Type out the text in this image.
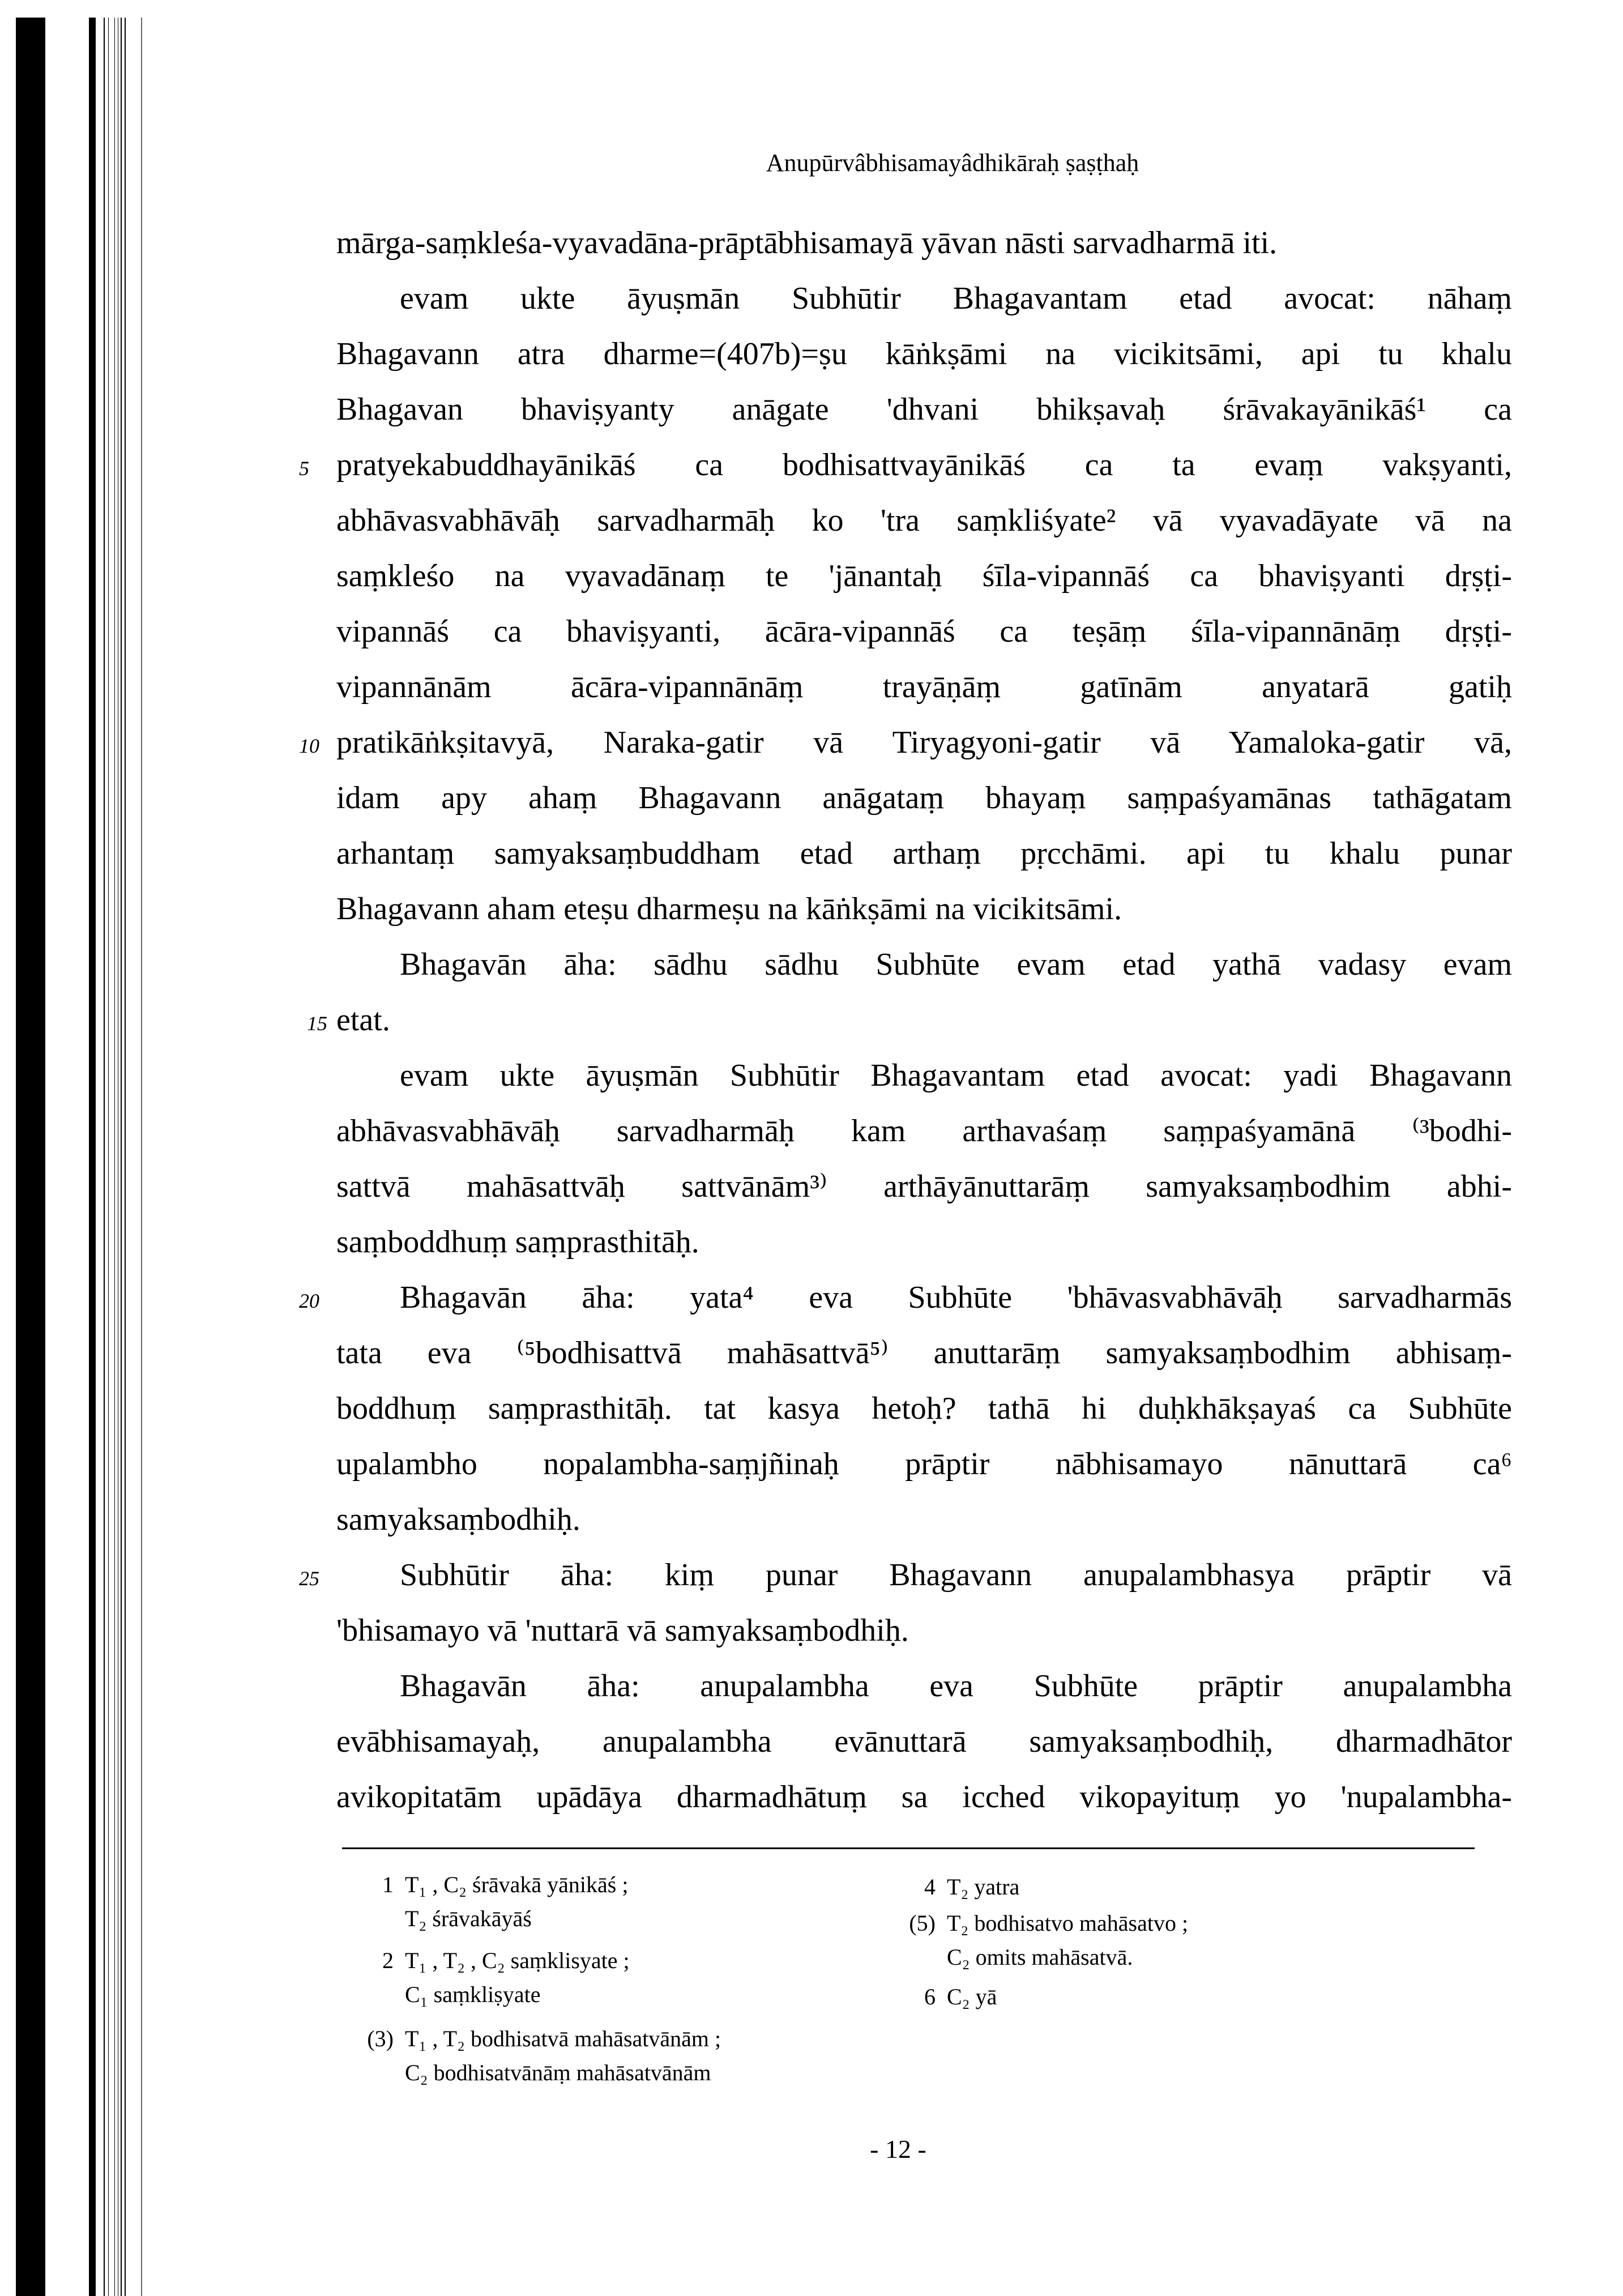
Anupūrvâbhisamayâdhikāraḥ ṣaṣṭhaḥ
mārga-saṃkleśa-vyavadāna-prāptābhisamayā yāvan nāsti sarvadharmā iti.
evam ukte āyuṣmān Subhūtir Bhagavantam etad avocat: nāhaṃ
Bhagavann atra dharme=(407b)=ṣu kāṅkṣāmi na vicikitsāmi, api tu khalu
Bhagavan bhaviṣyanty anāgate 'dhvani bhikṣavaḥ śrāvakayānikāś¹ ca
pratyekabuddhayānikāś ca bodhisattvayānikāś ca ta evaṃ vakṣyanti,
5
abhāvasvabhāvāḥ sarvadharmāḥ ko 'tra saṃkliśyate² vā vyavadāyate vā na
saṃkleśo na vyavadānaṃ te 'jānantaḥ śīla-vipannāś ca bhaviṣyanti dṛṣṭi-
vipannāś ca bhaviṣyanti, ācāra-vipannāś ca teṣāṃ śīla-vipannānāṃ dṛṣṭi-
vipannānām ācāra-vipannānāṃ trayāṇāṃ gatīnām anyatarā gatiḥ
pratikāṅkṣitavyā, Naraka-gatir vā Tiryagyoni-gatir vā Yamaloka-gatir vā,
10
idam apy ahaṃ Bhagavann anāgataṃ bhayaṃ saṃpaśyamānas tathāgatam
arhantaṃ samyaksaṃbuddham etad arthaṃ pṛcchāmi. api tu khalu punar
Bhagavann aham eteṣu dharmeṣu na kāṅkṣāmi na vicikitsāmi.
Bhagavān āha: sādhu sādhu Subhūte evam etad yathā vadasy evam
etat.
15
evam ukte āyuṣmān Subhūtir Bhagavantam etad avocat: yadi Bhagavann
abhāvasvabhāvāḥ sarvadharmāḥ kam arthavaśaṃ saṃpaśyamānā ⁽³bodhi-
sattvā mahāsattvāḥ sattvānām³⁾ arthāyānuttarāṃ samyaksaṃbodhim abhi-
saṃboddhuṃ saṃprasthitāḥ.
Bhagavān āha: yata⁴ eva Subhūte 'bhāvasvabhāvāḥ sarvadharmās
20
tata eva ⁽⁵bodhisattvā mahāsattvā⁵⁾ anuttarāṃ samyaksaṃbodhim abhisaṃ-
boddhuṃ saṃprasthitāḥ. tat kasya hetoḥ? tathā hi duḥkhākṣayaś ca Subhūte
upalambho nopalambha-saṃjñinaḥ prāptir nābhisamayo nānuttarā ca⁶
samyaksaṃbodhiḥ.
Subhūtir āha: kiṃ punar Bhagavann anupalambhasya prāptir vā
25
'bhisamayo vā 'nuttarā vā samyaksaṃbodhiḥ.
Bhagavān āha: anupalambha eva Subhūte prāptir anupalambha
evābhisamayaḥ, anupalambha evānuttarā samyaksaṃbodhiḥ, dharmadhātor
avikopitatām upādāya dharmadhātuṃ sa icched vikopayituṃ yo 'nupalambha-
1 T₁ , C₂ śrāvakā yānikāś ;
T₂ śrāvakāyāś
2 T₁ , T₂ , C₂ saṃklisyate ;
C₁ saṃkliṣyate
(3) T₁ , T₂ bodhisatvā mahāsatvānām ;
C₂ bodhisatvānāṃ mahāsatvānām
4 T₂ yatra
(5) T₂ bodhisatvo mahāsatvo ;
C₂ omits mahāsatvā.
6 C₂ yā
- 12 -
